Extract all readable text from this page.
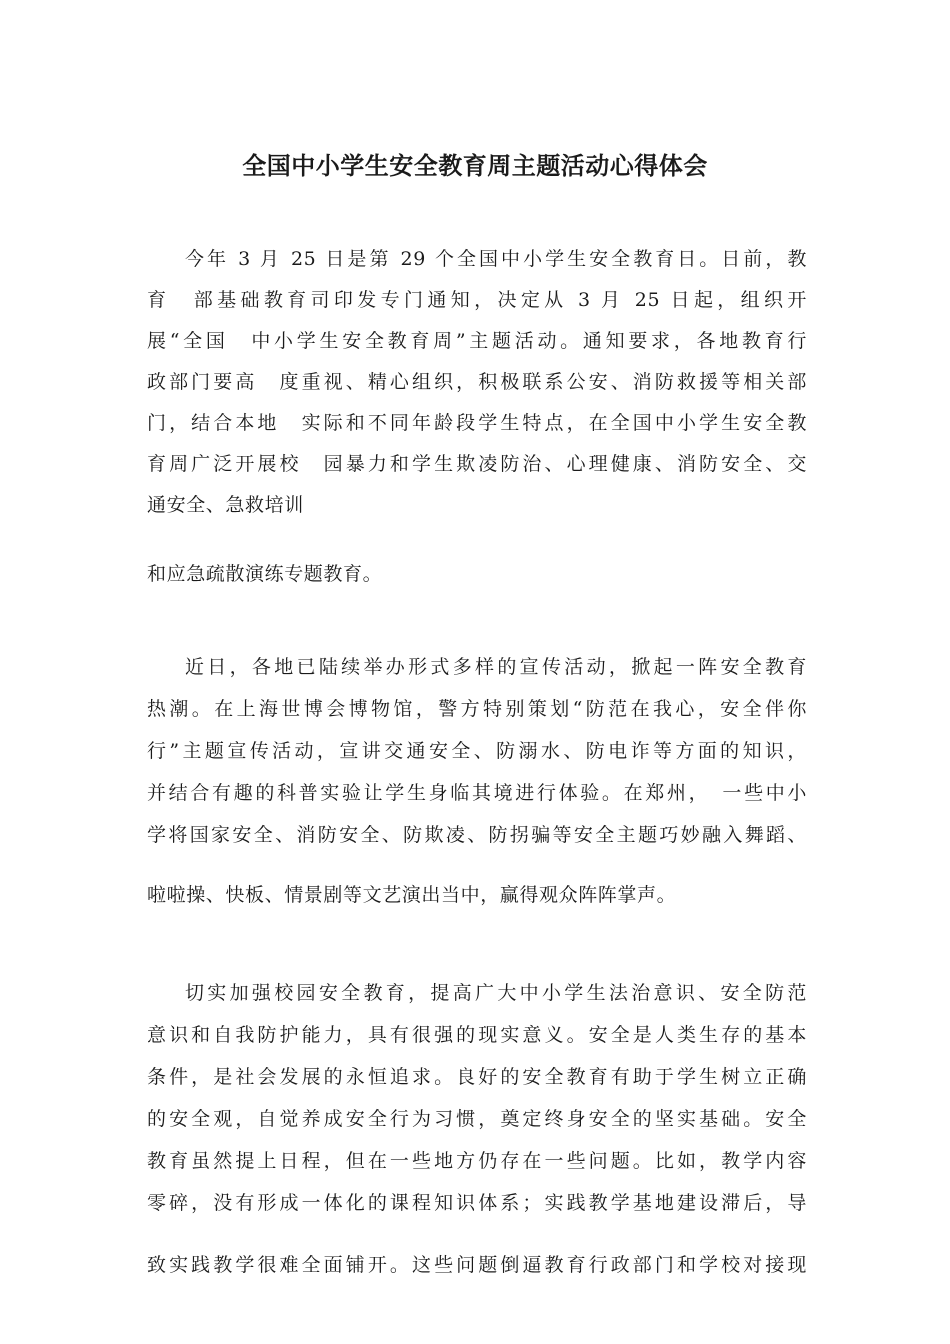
全国中小学生安全教育周主题活动心得体会

今年 3 月 25 日是第 29 个全国中小学生安全教育日。日前，教

育　部基础教育司印发专门通知，决定从 3 月 25 日起，组织开

展“全国　中小学生安全教育周”主题活动。通知要求，各地教育行

政部门要高　度重视、精心组织，积极联系公安、消防救援等相关部

门，结合本地　实际和不同年龄段学生特点，在全国中小学生安全教

育周广泛开展校　园暴力和学生欺凌防治、心理健康、消防安全、交

通安全、急救培训

和应急疏散演练专题教育。

近日，各地已陆续举办形式多样的宣传活动，掀起一阵安全教育

热潮。在上海世博会博物馆，警方特别策划“防范在我心，安全伴你

行”主题宣传活动，宣讲交通安全、防溺水、防电诈等方面的知识，

并结合有趣的科普实验让学生身临其境进行体验。在郑州，　一些中小

学将国家安全、消防安全、防欺凌、防拐骗等安全主题巧妙融入舞蹈、

啦啦操、快板、情景剧等文艺演出当中，赢得观众阵阵掌声。

切实加强校园安全教育，提高广大中小学生法治意识、安全防范

意识和自我防护能力，具有很强的现实意义。安全是人类生存的基本

条件，是社会发展的永恒追求。良好的安全教育有助于学生树立正确

的安全观，自觉养成安全行为习惯，奠定终身安全的坚实基础。安全

教育虽然提上日程，但在一些地方仍存在一些问题。比如，教学内容

零碎，没有形成一体化的课程知识体系；实践教学基地建设滞后，导

致实践教学很难全面铺开。这些问题倒逼教育行政部门和学校对接现
